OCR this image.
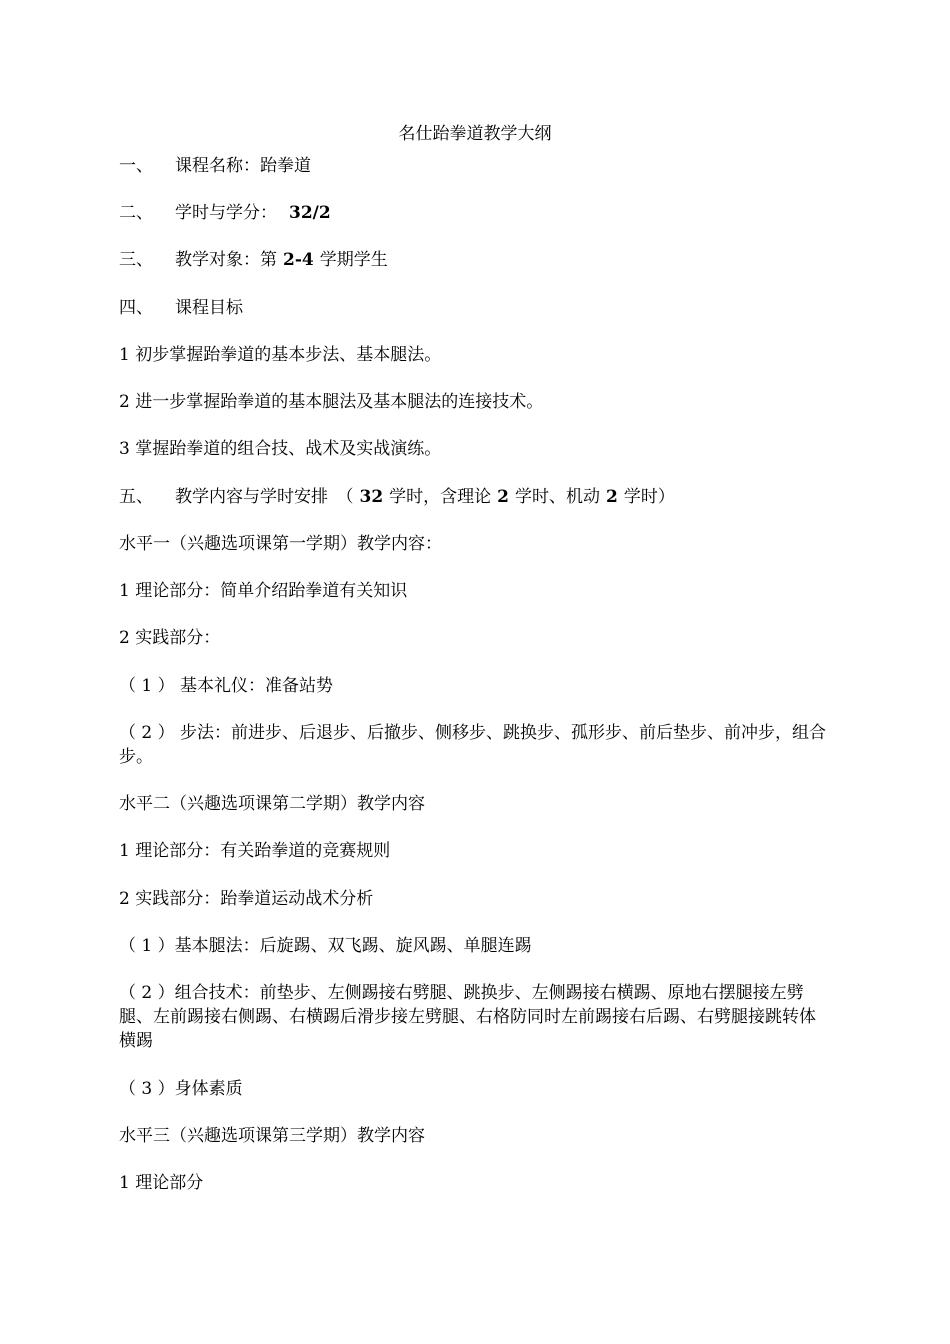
名仕跆拳道教学大纲
一、 课程名称：跆拳道
二、 学时与学分： 32/2
三、 教学对象：第 2-4 学期学生
四、 课程目标
1 初步掌握跆拳道的基本步法、基本腿法。
2 进一步掌握跆拳道的基本腿法及基本腿法的连接技术。
3 掌握跆拳道的组合技、战术及实战演练。
五、 教学内容与学时安排　（ 32 学时，含理论 2 学时、机动 2 学时）
水平一（兴趣选项课第一学期）教学内容：
1 理论部分：简单介绍跆拳道有关知识
2 实践部分：
（ 1 ） 基本礼仪：准备站势
（ 2 ） 步法：前进步、后退步、后撤步、侧移步、跳换步、孤形步、前后垫步、前冲步，组合步。
水平二（兴趣选项课第二学期）教学内容
1 理论部分：有关跆拳道的竞赛规则
2 实践部分：跆拳道运动战术分析
（ 1 ）基本腿法：后旋踢、双飞踢、旋风踢、单腿连踢
（ 2 ）组合技术：前垫步、左侧踢接右劈腿、跳换步、左侧踢接右横踢、原地右摆腿接左劈腿、左前踢接右侧踢、右横踢后滑步接左劈腿、右格防同时左前踢接右后踢、右劈腿接跳转体横踢
（ 3 ）身体素质
水平三（兴趣选项课第三学期）教学内容
1 理论部分
